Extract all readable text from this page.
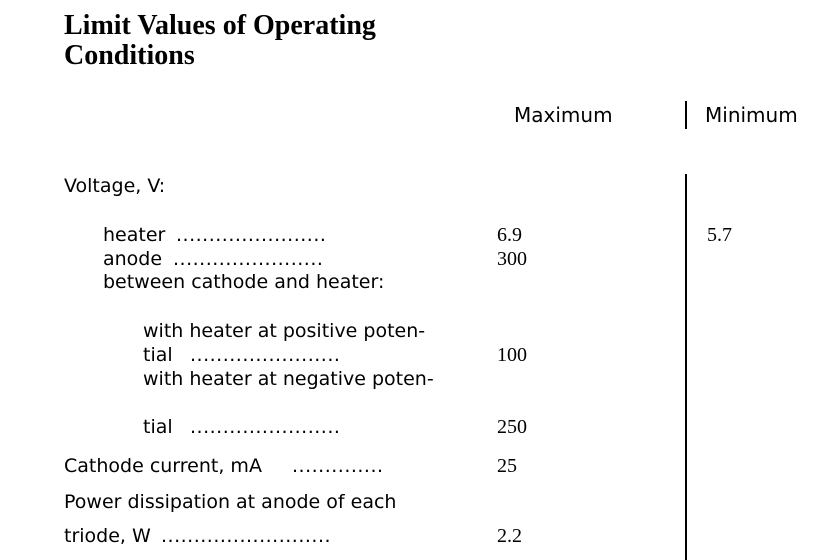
Limit Values of Operating
Conditions
Maximum	Minimum
Voltage, V:
heater .......................	6.9	5.7
anode .......................	300
between cathode and heater:
with heater at positive poten-
tial .......................	100
with heater at negative poten-
tial .......................	250
Cathode current, mA ..............	25
Power dissipation at anode of each
triode, W ..........................	2.2
